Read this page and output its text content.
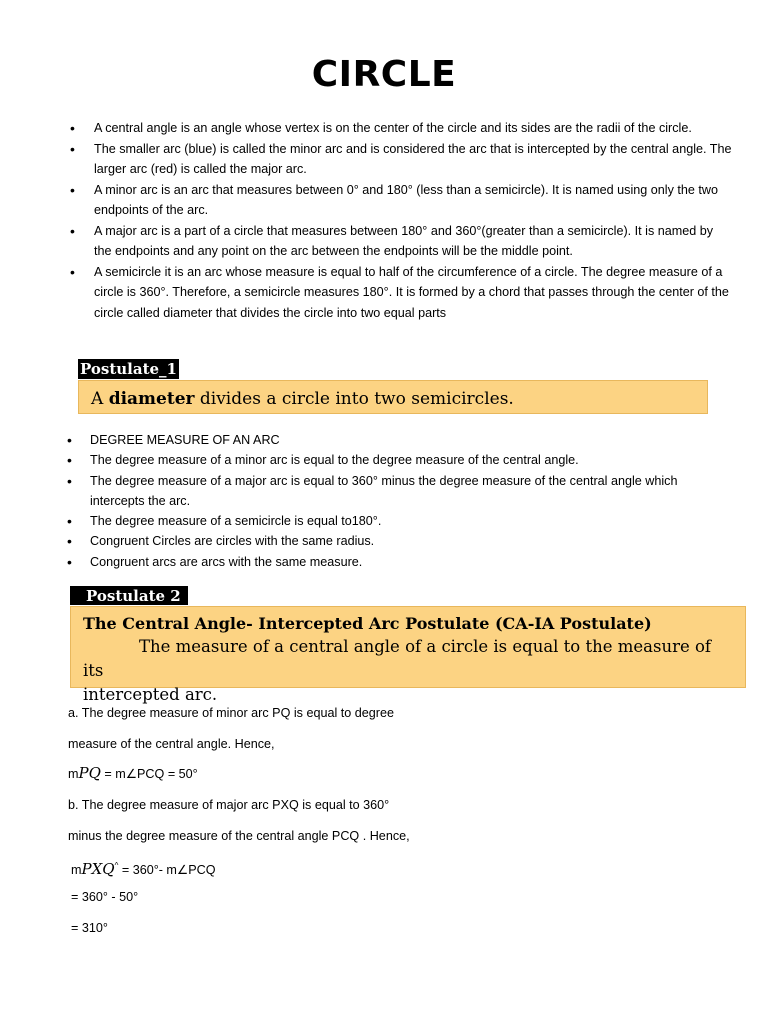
CIRCLE
• A central angle is an angle whose vertex is on the center of the circle and its sides are the radii of the circle.
• The smaller arc (blue) is called the minor arc and is considered the arc that is intercepted by the central angle. The larger arc (red) is called the major arc.
• A minor arc is an arc that measures between 0° and 180° (less than a semicircle). It is named using only the two endpoints of the arc.
• A major arc is a part of a circle that measures between 180° and 360°(greater than a semicircle). It is named by the endpoints and any point on the arc between the endpoints will be the middle point.
• A semicircle it is an arc whose measure is equal to half of the circumference of a circle. The degree measure of a circle is 360°. Therefore, a semicircle measures 180°. It is formed by a chord that passes through the center of the circle called diameter that divides the circle into two equal parts
Postulate_1
A diameter divides a circle into two semicircles.
• DEGREE MEASURE OF AN ARC
• The degree measure of a minor arc is equal to the degree measure of the central angle.
• The degree measure of a major arc is equal to 360° minus the degree measure of the central angle which intercepts the arc.
• The degree measure of a semicircle is equal to180°.
• Congruent Circles are circles with the same radius.
• Congruent arcs are arcs with the same measure.
Postulate 2
The Central Angle- Intercepted Arc Postulate (CA-IA Postulate)
The measure of a central angle of a circle is equal to the measure of its
intercepted arc.

a. The degree measure of minor arc PQ is equal to degree

measure of the central angle. Hence,

mPQ = m∠PCQ = 50°

b. The degree measure of major arc PXQ is equal to 360°

minus the degree measure of the central angle PCQ . Hence,

mPXQ^ = 360°- m∠PCQ

= 360° - 50°

= 310°
